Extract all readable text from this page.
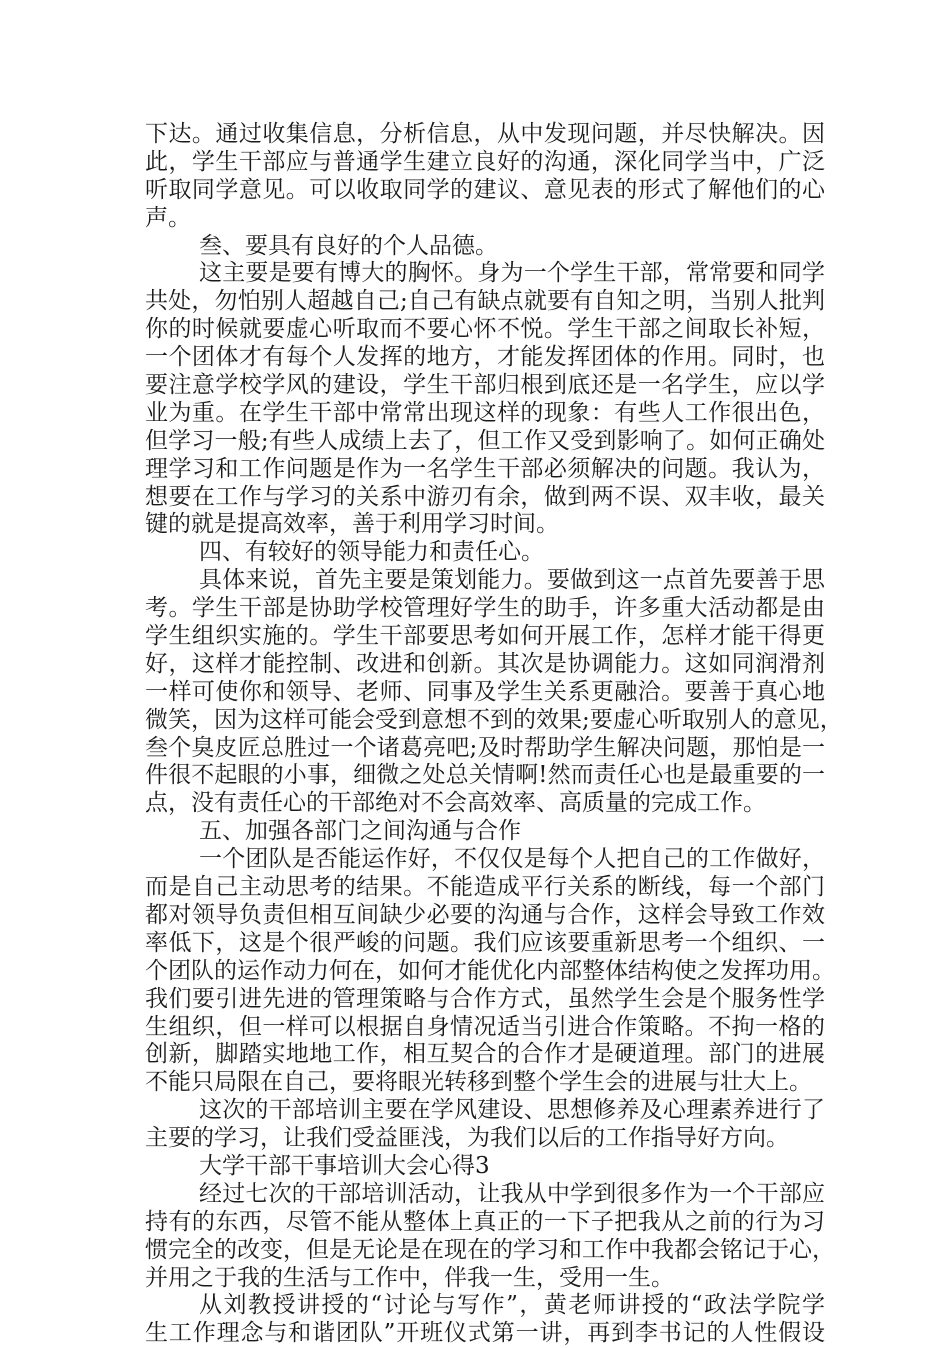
下达。通过收集信息，分析信息，从中发现问题，并尽快解决。因
此，学生干部应与普通学生建立良好的沟通，深化同学当中，广泛
听取同学意见。可以收取同学的建议、意见表的形式了解他们的心
声。
叁、要具有良好的个人品德。
这主要是要有博大的胸怀。身为一个学生干部，常常要和同学
共处，勿怕别人超越自己;自己有缺点就要有自知之明，当别人批判
你的时候就要虚心听取而不要心怀不悦。学生干部之间取长补短，
一个团体才有每个人发挥的地方，才能发挥团体的作用。同时，也
要注意学校学风的建设，学生干部归根到底还是一名学生，应以学
业为重。在学生干部中常常出现这样的现象：有些人工作很出色，
但学习一般;有些人成绩上去了，但工作又受到影响了。如何正确处
理学习和工作问题是作为一名学生干部必须解决的问题。我认为，
想要在工作与学习的关系中游刃有余，做到两不误、双丰收，最关
键的就是提高效率，善于利用学习时间。
四、有较好的领导能力和责任心。
具体来说，首先主要是策划能力。要做到这一点首先要善于思
考。学生干部是协助学校管理好学生的助手，许多重大活动都是由
学生组织实施的。学生干部要思考如何开展工作，怎样才能干得更
好，这样才能控制、改进和创新。其次是协调能力。这如同润滑剂
一样可使你和领导、老师、同事及学生关系更融洽。要善于真心地
微笑，因为这样可能会受到意想不到的效果;要虚心听取别人的意见，
叁个臭皮匠总胜过一个诸葛亮吧;及时帮助学生解决问题，那怕是一
件很不起眼的小事，细微之处总关情啊!然而责任心也是最重要的一
点，没有责任心的干部绝对不会高效率、高质量的完成工作。
五、加强各部门之间沟通与合作
一个团队是否能运作好，不仅仅是每个人把自己的工作做好，
而是自己主动思考的结果。不能造成平行关系的断线，每一个部门
都对领导负责但相互间缺少必要的沟通与合作，这样会导致工作效
率低下，这是个很严峻的问题。我们应该要重新思考一个组织、一
个团队的运作动力何在，如何才能优化内部整体结构使之发挥功用。
我们要引进先进的管理策略与合作方式，虽然学生会是个服务性学
生组织，但一样可以根据自身情况适当引进合作策略。不拘一格的
创新，脚踏实地地工作，相互契合的合作才是硬道理。部门的进展
不能只局限在自己，要将眼光转移到整个学生会的进展与壮大上。
这次的干部培训主要在学风建设、思想修养及心理素养进行了
主要的学习，让我们受益匪浅，为我们以后的工作指导好方向。
大学干部干事培训大会心得3
经过七次的干部培训活动，让我从中学到很多作为一个干部应
持有的东西，尽管不能从整体上真正的一下子把我从之前的行为习
惯完全的改变，但是无论是在现在的学习和工作中我都会铭记于心，
并用之于我的生活与工作中，伴我一生，受用一生。
从刘教授讲授的“讨论与写作”，黄老师讲授的“政法学院学
生工作理念与和谐团队”开班仪式第一讲，再到李书记的人性假设
